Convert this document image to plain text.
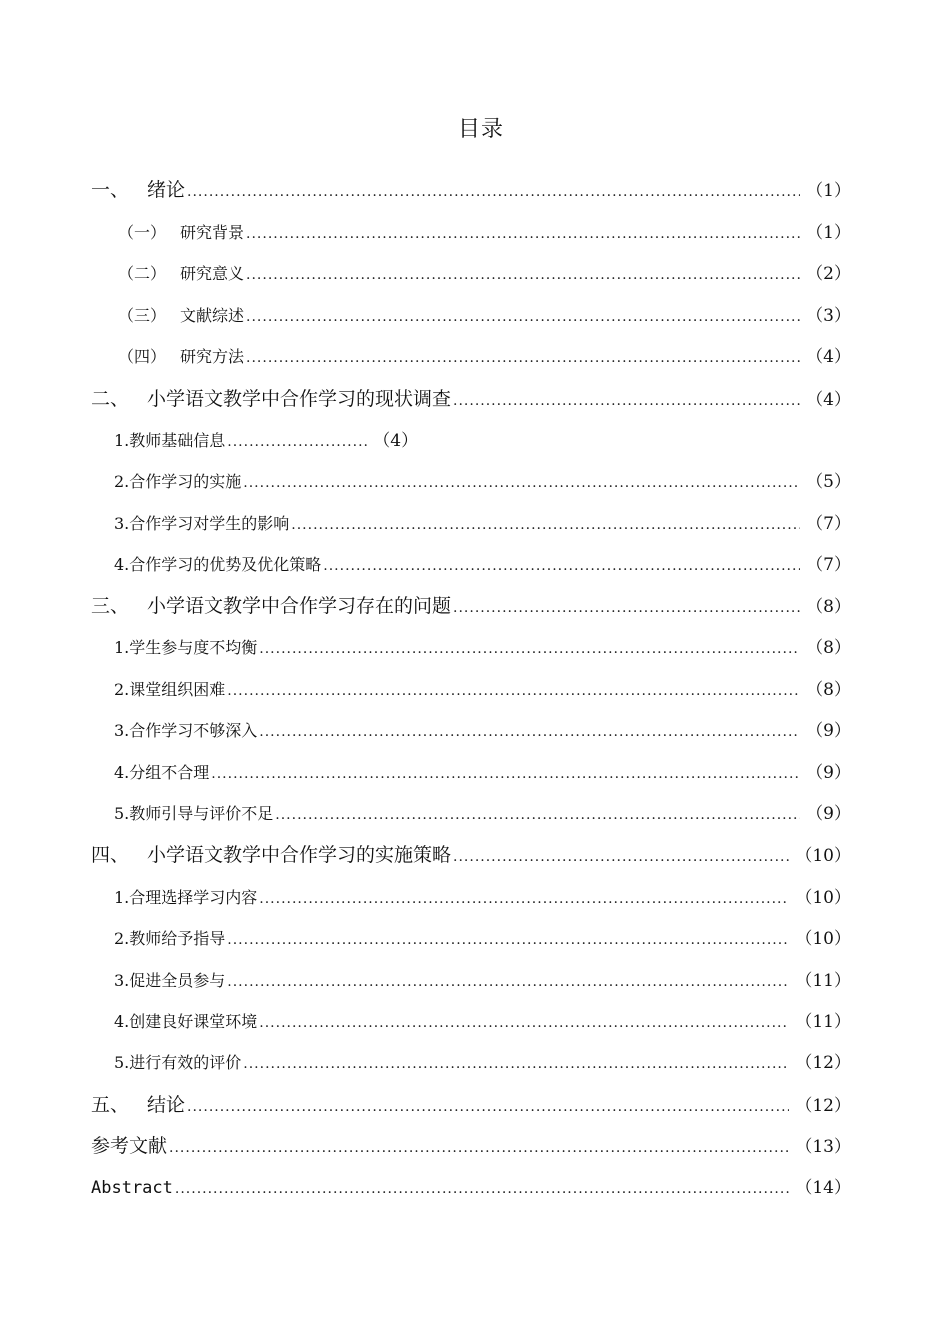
目录
一、 绪论 .....	（1）
（一） 研究背景 .....	（1）
（二） 研究意义 .....	（2）
（三） 文献综述 .....	（3）
（四） 研究方法 .....	（4）
二、 小学语文教学中合作学习的现状调查 .....	（4）
1.教师基础信息 .....	（4）
2.合作学习的实施 .....	（5）
3.合作学习对学生的影响 .....	（7）
4.合作学习的优势及优化策略 .....	（7）
三、 小学语文教学中合作学习存在的问题 .....	（8）
1.学生参与度不均衡 .....	（8）
2.课堂组织困难 .....	（8）
3.合作学习不够深入 .....	（9）
4.分组不合理 .....	（9）
5.教师引导与评价不足 .....	（9）
四、 小学语文教学中合作学习的实施策略 .....	（10）
1.合理选择学习内容 .....	（10）
2.教师给予指导 .....	（10）
3.促进全员参与 .....	（11）
4.创建良好课堂环境 .....	（11）
5.进行有效的评价 .....	（12）
五、 结论 .....	（12）
参考文献 .....	（13）
Abstract .....	（14）
